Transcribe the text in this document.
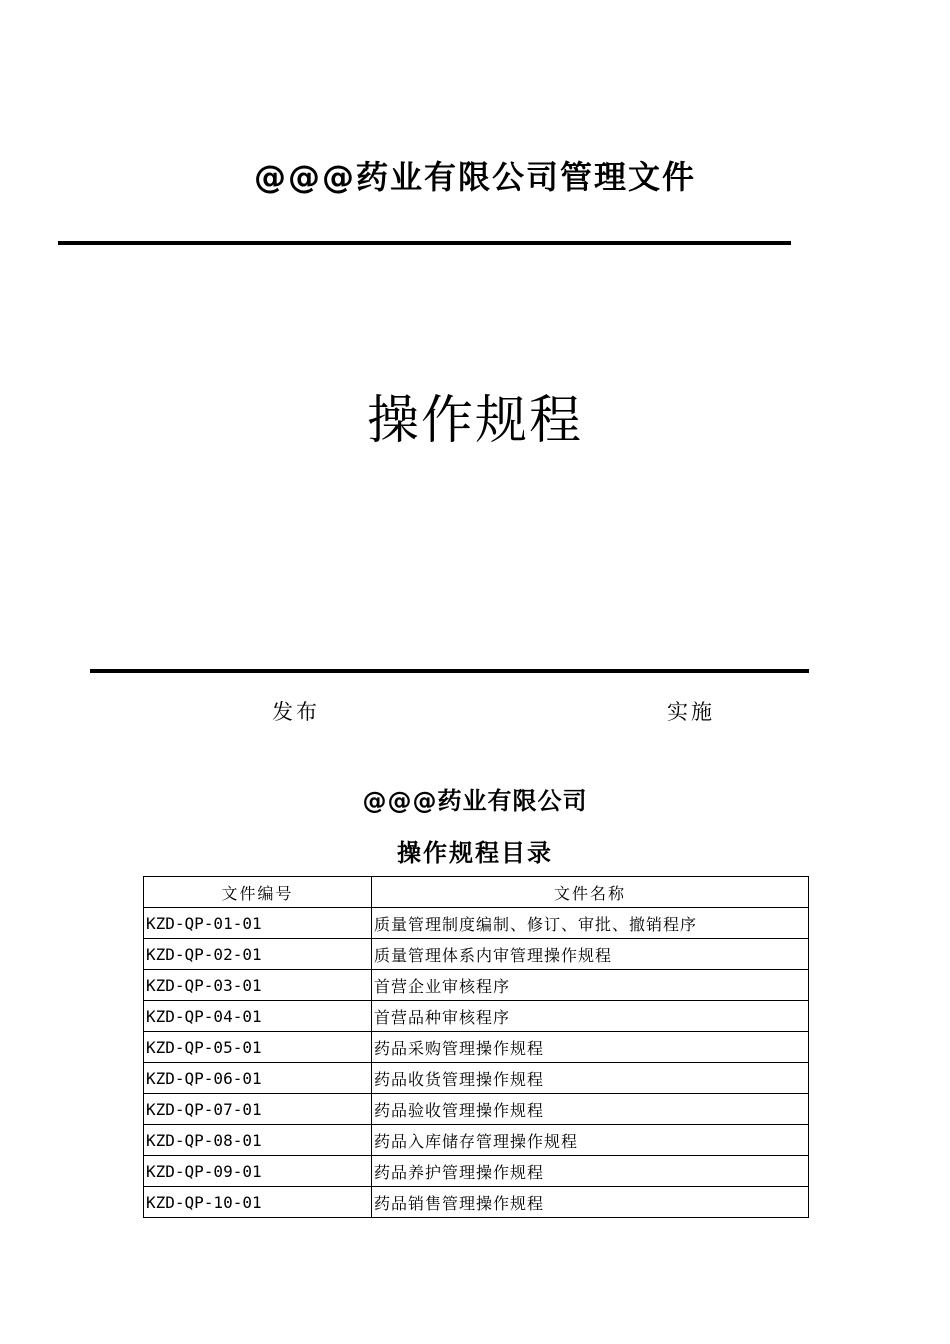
@@@药业有限公司管理文件
操作规程
发布	实施
@@@药业有限公司
操作规程目录
文件编号	文件名称
KZD-QP-01-01	质量管理制度编制、修订、审批、撤销程序
KZD-QP-02-01	质量管理体系内审管理操作规程
KZD-QP-03-01	首营企业审核程序
KZD-QP-04-01	首营品种审核程序
KZD-QP-05-01	药品采购管理操作规程
KZD-QP-06-01	药品收货管理操作规程
KZD-QP-07-01	药品验收管理操作规程
KZD-QP-08-01	药品入库储存管理操作规程
KZD-QP-09-01	药品养护管理操作规程
KZD-QP-10-01	药品销售管理操作规程
